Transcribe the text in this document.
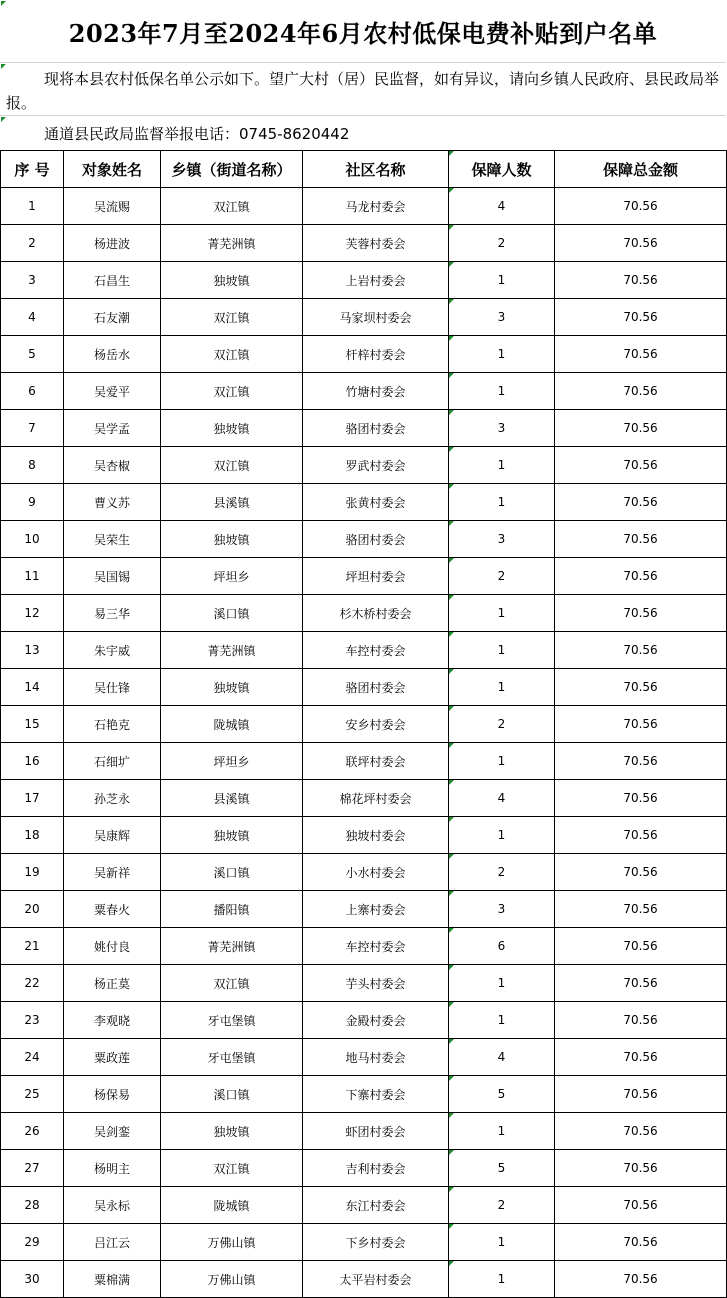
2023年7月至2024年6月农村低保电费补贴到户名单

现将本县农村低保名单公示如下。望广大村（居）民监督，如有异议，请向乡镇人民政府、县民政局举报。

通道县民政局监督举报电话：0745-8620442
序 号	对象姓名	乡镇（街道名称）	社区名称	保障人数	保障总金额
1	吴流赐	双江镇	马龙村委会	4	70.56
2	杨进波	菁芜洲镇	芙蓉村委会	2	70.56
3	石昌生	独坡镇	上岩村委会	1	70.56
4	石友潮	双江镇	马家坝村委会	3	70.56
5	杨岳水	双江镇	杆梓村委会	1	70.56
6	吴爱平	双江镇	竹塘村委会	1	70.56
7	吴学孟	独坡镇	骆团村委会	3	70.56
8	吴杏椒	双江镇	罗武村委会	1	70.56
9	曹义苏	县溪镇	张黄村委会	1	70.56
10	吴荣生	独坡镇	骆团村委会	3	70.56
11	吴国锡	坪坦乡	坪坦村委会	2	70.56
12	易三华	溪口镇	杉木桥村委会	1	70.56
13	朱宇威	菁芜洲镇	车控村委会	1	70.56
14	吴仕锋	独坡镇	骆团村委会	1	70.56
15	石艳克	陇城镇	安乡村委会	2	70.56
16	石细圹	坪坦乡	联坪村委会	1	70.56
17	孙芝永	县溪镇	棉花坪村委会	4	70.56
18	吴康辉	独坡镇	独坡村委会	1	70.56
19	吴新祥	溪口镇	小水村委会	2	70.56
20	粟春火	播阳镇	上寨村委会	3	70.56
21	姚付良	菁芜洲镇	车控村委会	6	70.56
22	杨正莫	双江镇	芋头村委会	1	70.56
23	李观晓	牙屯堡镇	金殿村委会	1	70.56
24	粟政莲	牙屯堡镇	地马村委会	4	70.56
25	杨保易	溪口镇	下寨村委会	5	70.56
26	吴剑銮	独坡镇	虾团村委会	1	70.56
27	杨明主	双江镇	吉利村委会	5	70.56
28	吴永标	陇城镇	东江村委会	2	70.56
29	吕江云	万佛山镇	下乡村委会	1	70.56
30	粟棉满	万佛山镇	太平岩村委会	1	70.56
